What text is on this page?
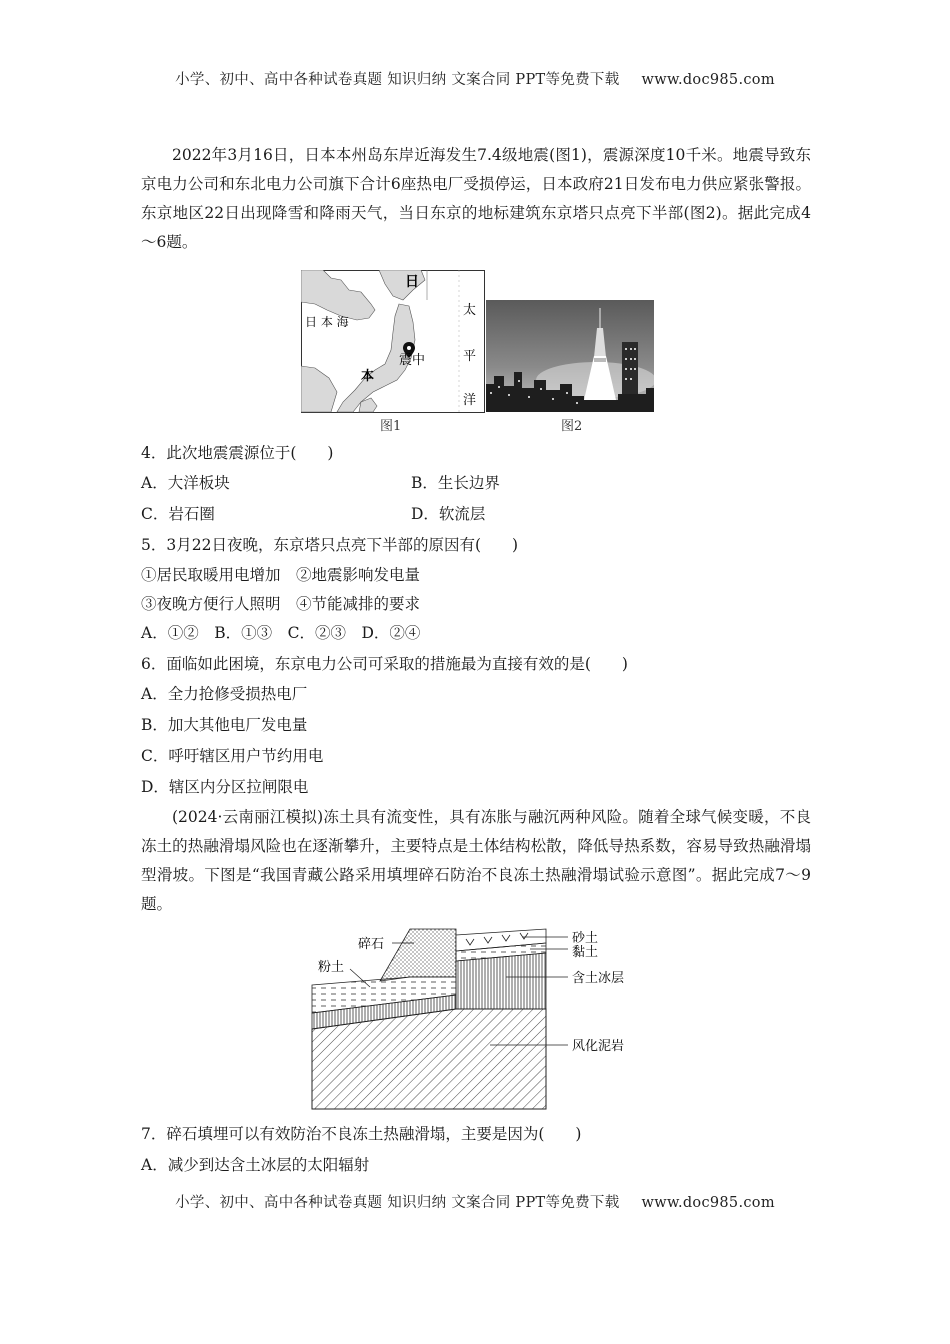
小学、初中、高中各种试卷真题 知识归纳 文案合同 PPT等免费下载 www.doc985.com
2022年3月16日，日本本州岛东岸近海发生7.4级地震(图1)，震源深度10千米。地震导致东京电力公司和东北电力公司旗下合计6座热电厂受损停运，日本政府21日发布电力供应紧张警报。东京地区22日出现降雪和降雨天气，当日东京的地标建筑东京塔只点亮下半部(图2)。据此完成4～6题。
日
本
日 本 海
震中
太
平
洋
图1	图2
4．此次地震震源位于(　　)
A．大洋板块	B．生长边界
C．岩石圈	D．软流层
5．3月22日夜晚，东京塔只点亮下半部的原因有(　　)
①居民取暖用电增加　②地震影响发电量
③夜晚方便行人照明　④节能减排的要求
A．①②　B．①③　C．②③　D．②④
6．面临如此困境，东京电力公司可采取的措施最为直接有效的是(　　)
A．全力抢修受损热电厂
B．加大其他电厂发电量
C．呼吁辖区用户节约用电
D．辖区内分区拉闸限电
(2024·云南丽江模拟)冻土具有流变性，具有冻胀与融沉两种风险。随着全球气候变暖，不良冻土的热融滑塌风险也在逐渐攀升，主要特点是土体结构松散，降低导热系数，容易导致热融滑塌型滑坡。下图是“我国青藏公路采用填埋碎石防治不良冻土热融滑塌试验示意图”。据此完成7～9题。
碎石
粉土
砂土
黏土
含土冰层
风化泥岩
7．碎石填埋可以有效防治不良冻土热融滑塌，主要是因为(　　)
A．减少到达含土冰层的太阳辐射
小学、初中、高中各种试卷真题 知识归纳 文案合同 PPT等免费下载 www.doc985.com
